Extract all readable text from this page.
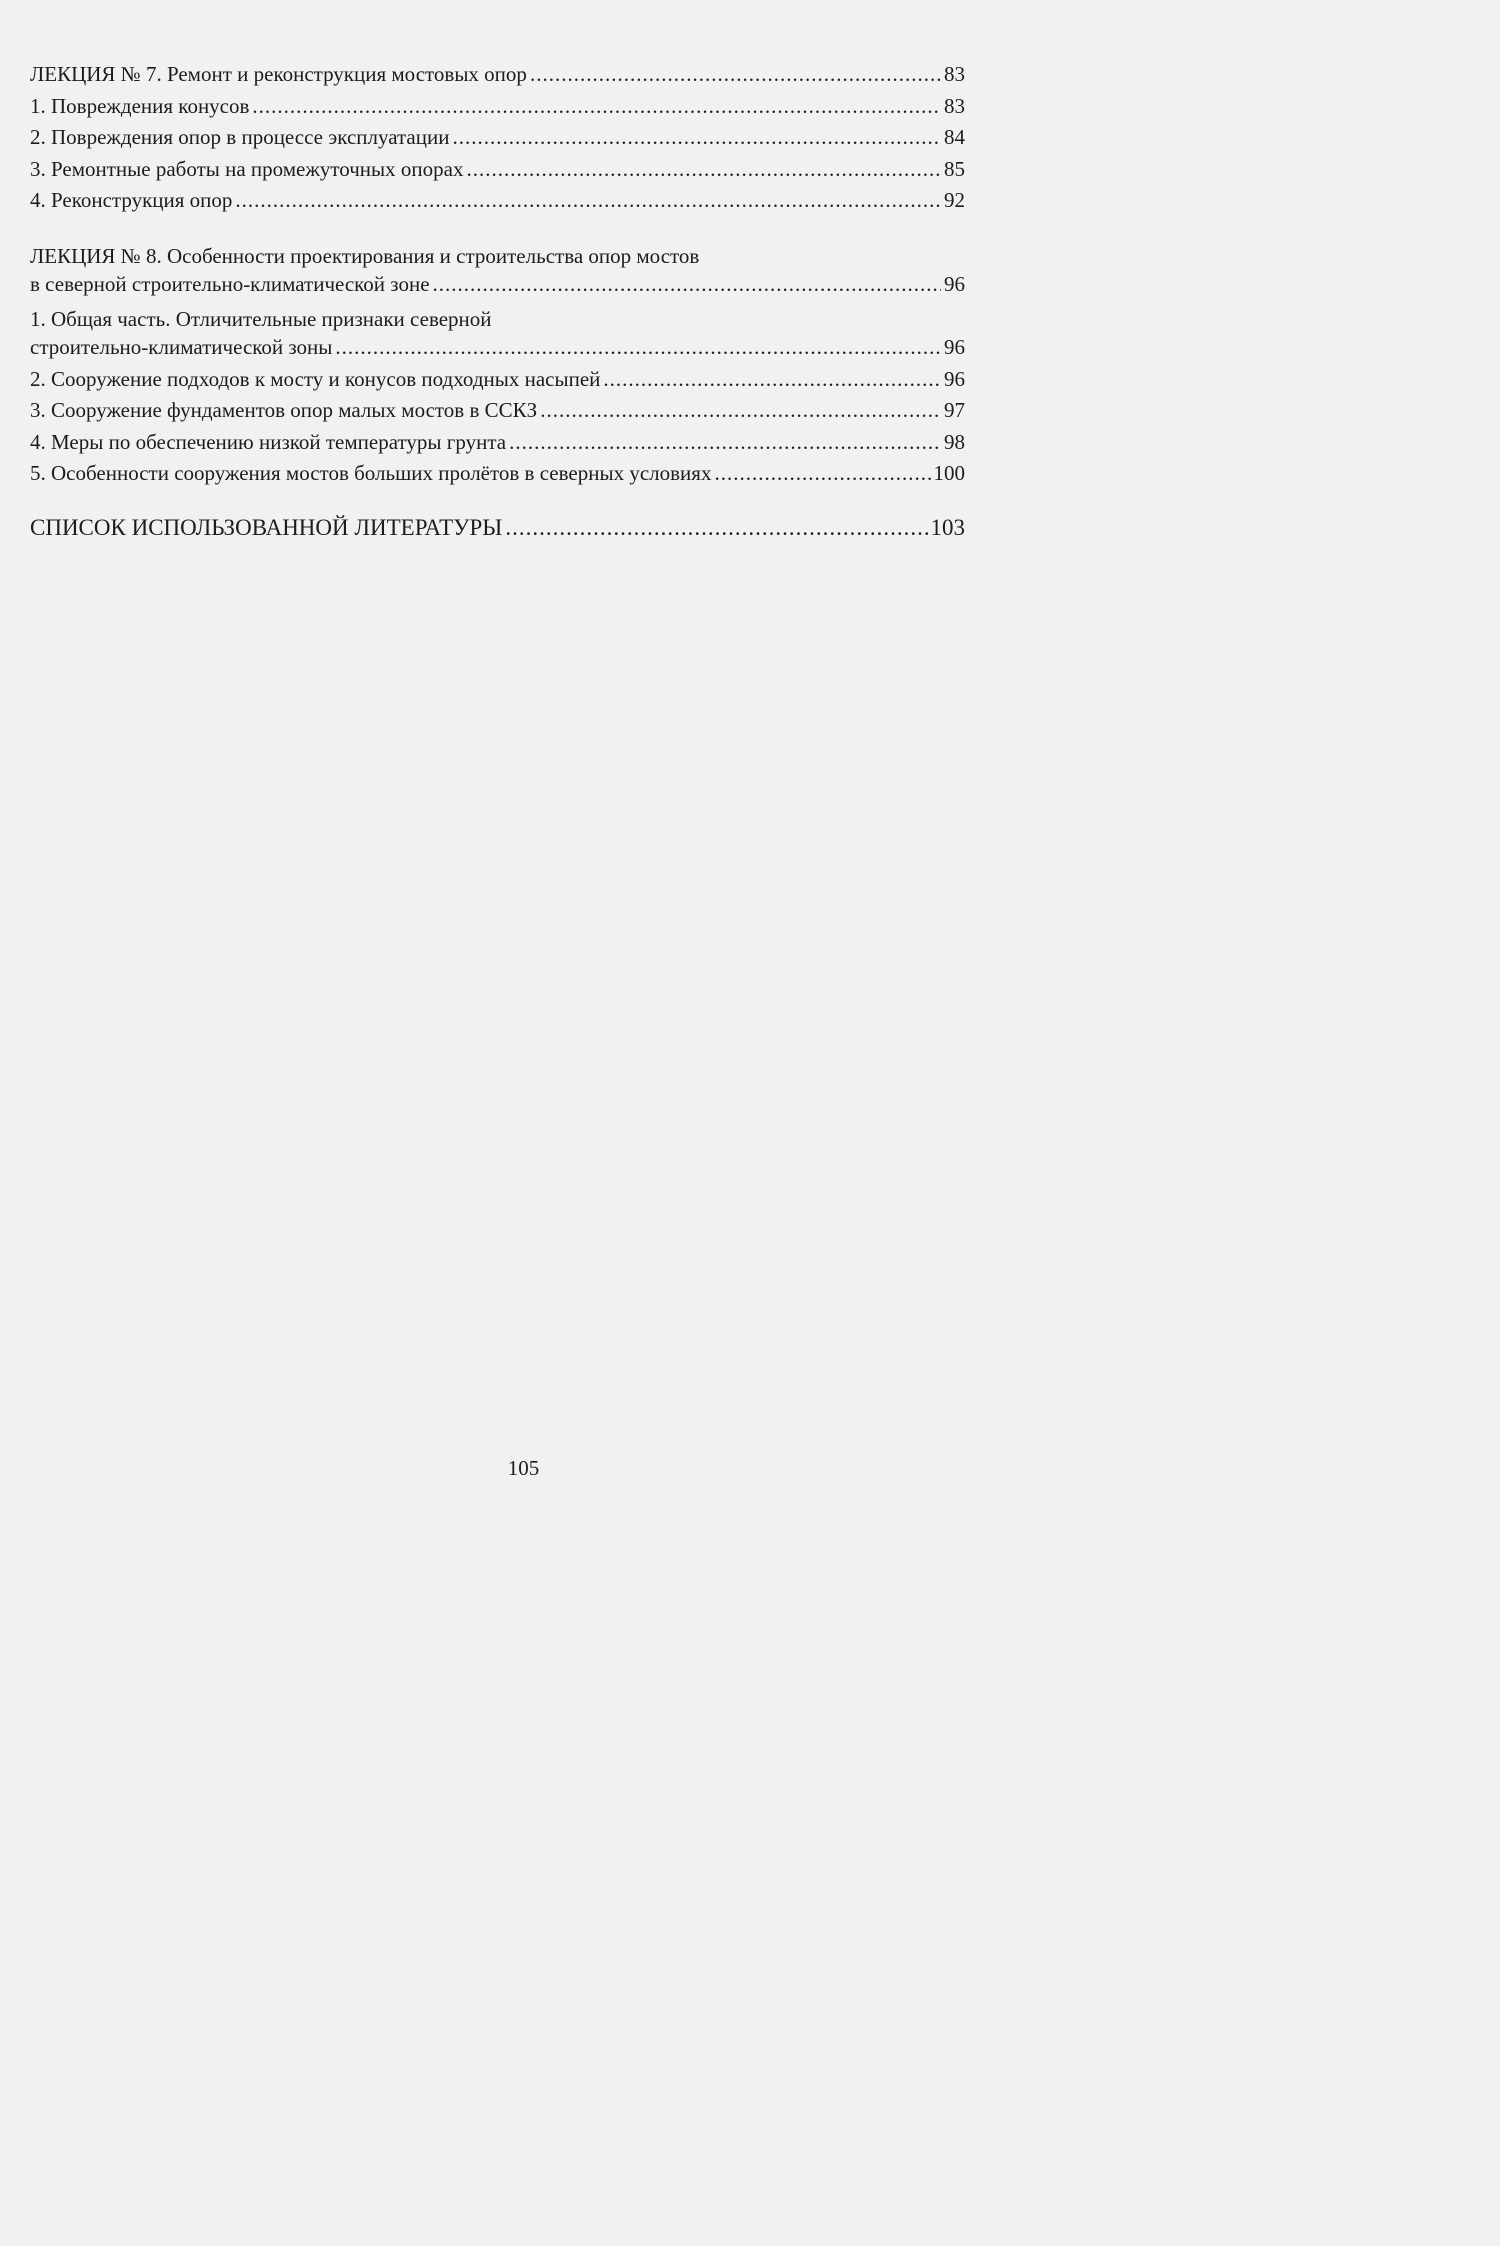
ЛЕКЦИЯ № 7. Ремонт и реконструкция мостовых опор .....	83
1. Повреждения конусов .....	83
2. Повреждения опор в процессе эксплуатации .....	84
3. Ремонтные работы на промежуточных опорах .....	85
4. Реконструкция опор .....	92
ЛЕКЦИЯ № 8. Особенности проектирования и строительства опор мостов
в северной строительно-климатической зоне .....	96
1. Общая часть. Отличительные признаки северной
строительно-климатической зоны .....	96
2. Сооружение подходов к мосту и конусов подходных насыпей .....	96
3. Сооружение фундаментов опор малых мостов в ССКЗ .....	97
4. Меры по обеспечению низкой температуры грунта .....	98
5. Особенности сооружения мостов больших пролётов в северных условиях .....	100
СПИСОК ИСПОЛЬЗОВАННОЙ ЛИТЕРАТУРЫ .....	103
105
